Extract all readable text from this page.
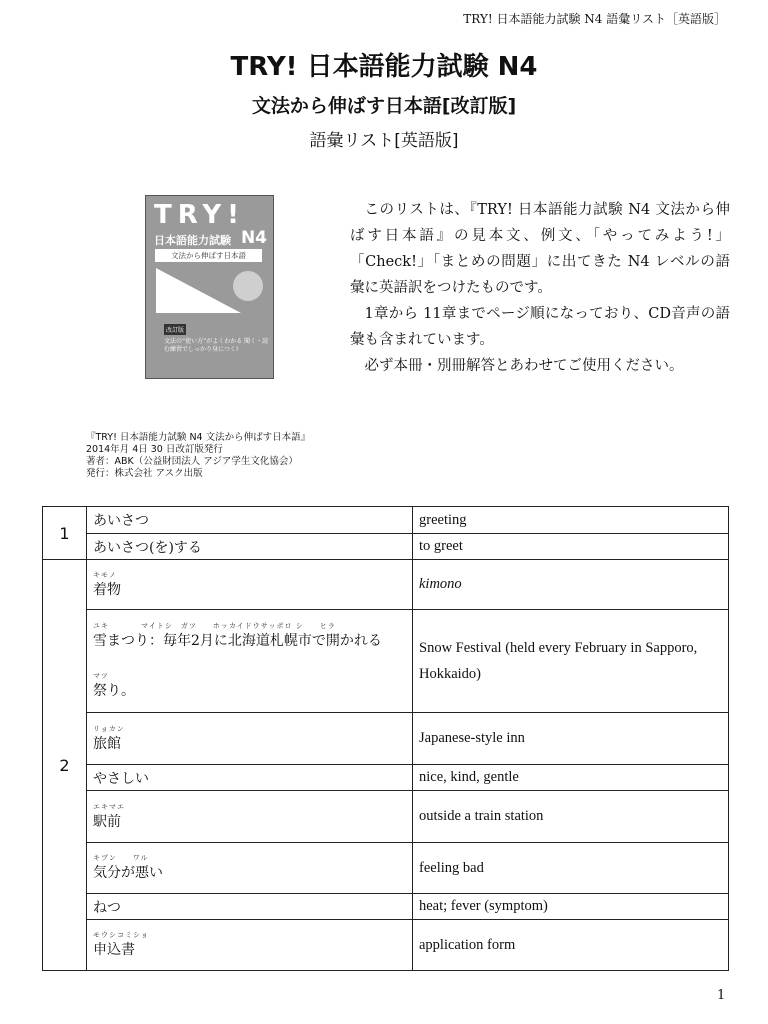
TRY! 日本語能力試験 N4 語彙リスト［英語版］
TRY! 日本語能力試験 N4
文法から伸ばす日本語[改訂版]
語彙リスト[英語版]
TRY!
日本語能力試験 N4
文法から伸ばす日本語
改訂版
文法の“使い方”がよくわかる 聞く・読む練習でしっかり身につく!

このリストは、『TRY! 日本語能力試験 N4 文法から伸ばす日本語』の見本文、例文、「やってみよう!」「Check!」「まとめの問題」に出てきた N4 レベルの語彙に英語訳をつけたものです。

1章から 11章までページ順になっており、CD音声の語彙も含まれています。

必ず本冊・別冊解答とあわせてご使用ください。

『TRY! 日本語能力試験 N4 文法から伸ばす日本語』
2014年月 4日 30 日改訂版発行
著者：ABK（公益財団法人 アジア学生文化協会）
発行：株式会社 アスク出版
1	あいさつ	greeting
	あいさつ(を)する	to greet
2	キモノ
着物	kimono

	ユキ　　　　マイトシ　ガツ　　ホッカイドウサッポロ シ　　ヒラ
雪まつり：毎年2月に北海道札幌市で開かれる
マツ
祭り。	Snow Festival (held every February in Sapporo, Hokkaido)

	リョカン
旅館	Japanese-style inn
	やさしい	nice, kind, gentle

	エキマエ
駅前	outside a train station

	キブン　　ワル
気分が悪い	feeling bad
	ねつ	heat; fever (symptom)

	モウシコミショ
申込書	application form
1
